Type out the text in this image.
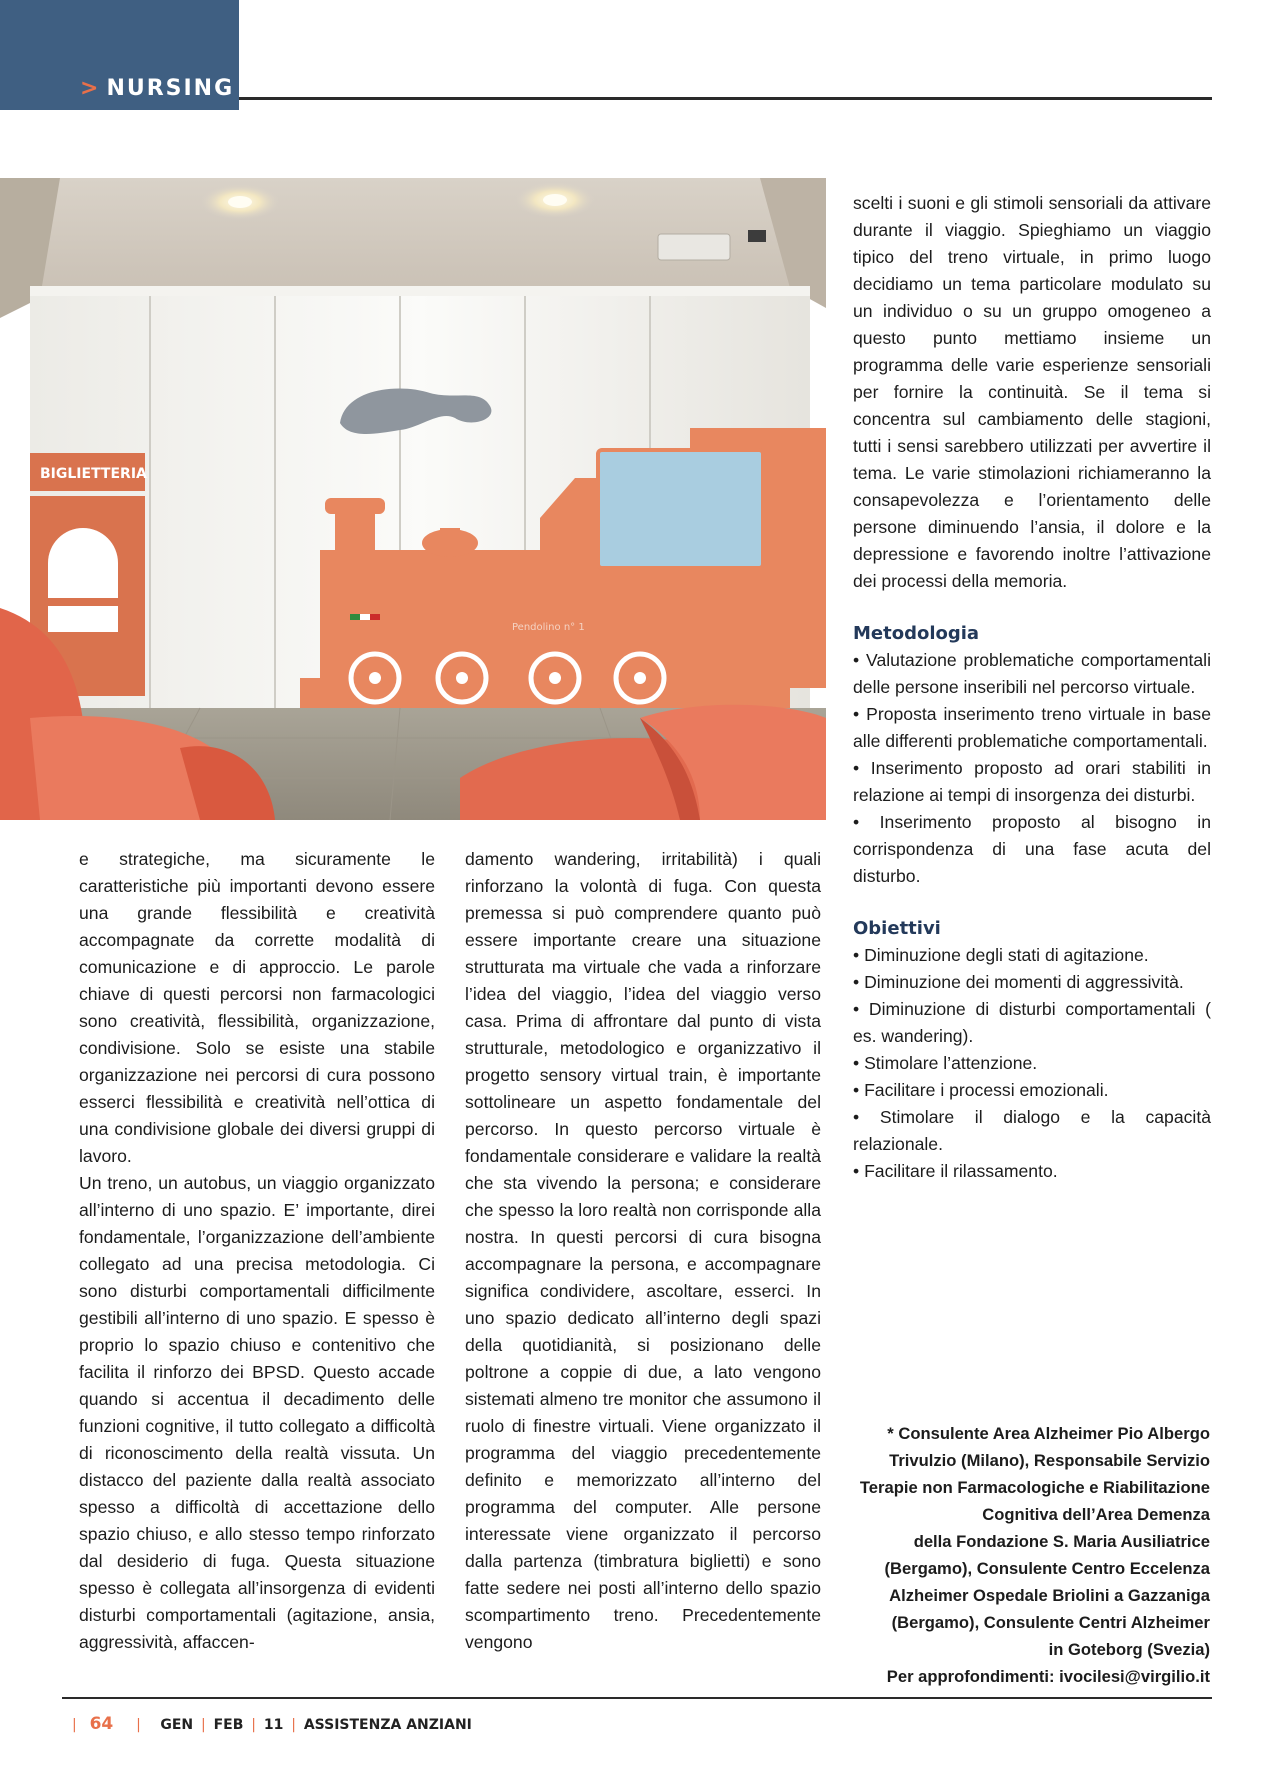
> NURSING
BIGLIETTERIA
Pendolino n° 1

e strategiche, ma sicuramente le caratteristiche più importanti devono essere una grande flessibilità e creatività accompagnate da corrette modalità di comunicazione e di approccio. Le parole chiave di questi percorsi non farmacologici sono creatività, flessibilità, organizzazione, condivisione. Solo se esiste una stabile organizzazione nei percorsi di cura possono esserci flessibilità e creatività nell’ottica di una condivisione globale dei diversi gruppi di lavoro.

Un treno, un autobus, un viaggio organizzato all’interno di uno spazio. E’ importante, direi fondamentale, l’organizzazione dell’ambiente collegato ad una precisa metodologia. Ci sono disturbi comportamentali difficilmente gestibili all’interno di uno spazio. E spesso è proprio lo spazio chiuso e contenitivo che facilita il rinforzo dei BPSD. Questo accade quando si accentua il decadimento delle funzioni cognitive, il tutto collegato a difficoltà di riconoscimento della realtà vissuta. Un distacco del paziente dalla realtà associato spesso a difficoltà di accettazione dello spazio chiuso, e allo stesso tempo rinforzato dal desiderio di fuga. Questa situazione spesso è collegata all’insorgenza di evidenti disturbi comportamentali (agitazione, ansia, aggressività, affaccen-

damento wandering, irritabilità) i quali rinforzano la volontà di fuga. Con questa premessa si può comprendere quanto può essere importante creare una situazione strutturata ma virtuale che vada a rinforzare l’idea del viaggio, l’idea del viaggio verso casa. Prima di affrontare dal punto di vista strutturale, metodologico e organizzativo il progetto sensory virtual train, è importante sottolineare un aspetto fondamentale del percorso. In questo percorso virtuale è fondamentale considerare e validare la realtà che sta vivendo la persona; e considerare che spesso la loro realtà non corrisponde alla nostra. In questi percorsi di cura bisogna accompagnare la persona, e accompagnare significa condividere, ascoltare, esserci. In uno spazio dedicato all’interno degli spazi della quotidianità, si posizionano delle poltrone a coppie di due, a lato vengono sistemati almeno tre monitor che assumono il ruolo di finestre virtuali. Viene organizzato il programma del viaggio precedentemente definito e memorizzato all’interno del programma del computer. Alle persone interessate viene organizzato il percorso dalla partenza (timbratura biglietti) e sono fatte sedere nei posti all’interno dello spazio scompartimento treno. Precedentemente vengono

scelti i suoni e gli stimoli sensoriali da attivare durante il viaggio. Spieghiamo un viaggio tipico del treno virtuale, in primo luogo decidiamo un tema particolare modulato su un individuo o su un gruppo omogeneo a questo punto mettiamo insieme un programma delle varie esperienze sensoriali per fornire la continuità. Se il tema si concentra sul cambiamento delle stagioni, tutti i sensi sarebbero utilizzati per avvertire il tema. Le varie stimolazioni richiameranno la consapevolezza e l’orientamento delle persone diminuendo l’ansia, il dolore e la depressione e favorendo inoltre l’attivazione dei processi della memoria.

Metodologia
• Valutazione problematiche comportamentali delle persone inseribili nel percorso virtuale.
• Proposta inserimento treno virtuale in base alle differenti problematiche comportamentali.
• Inserimento proposto ad orari stabiliti in relazione ai tempi di insorgenza dei disturbi.
• Inserimento proposto al bisogno in corrispondenza di una fase acuta del disturbo.
Obiettivi
• Diminuzione degli stati di agitazione.
• Diminuzione dei momenti di aggressività.
• Diminuzione di disturbi comportamentali ( es. wandering).
• Stimolare l’attenzione.
• Facilitare i processi emozionali.
• Stimolare il dialogo e la capacità relazionale.
• Facilitare il rilassamento.
* Consulente Area Alzheimer Pio Albergo
Trivulzio (Milano), Responsabile Servizio
Terapie non Farmacologiche e Riabilitazione
Cognitiva dell’Area Demenza
della Fondazione S. Maria Ausiliatrice
(Bergamo), Consulente Centro Eccelenza
Alzheimer Ospedale Briolini a Gazzaniga
(Bergamo), Consulente Centri Alzheimer
in Goteborg (Svezia)
Per approfondimenti: ivocilesi@virgilio.it
| 64 | GEN | FEB | 11 | ASSISTENZA ANZIANI
